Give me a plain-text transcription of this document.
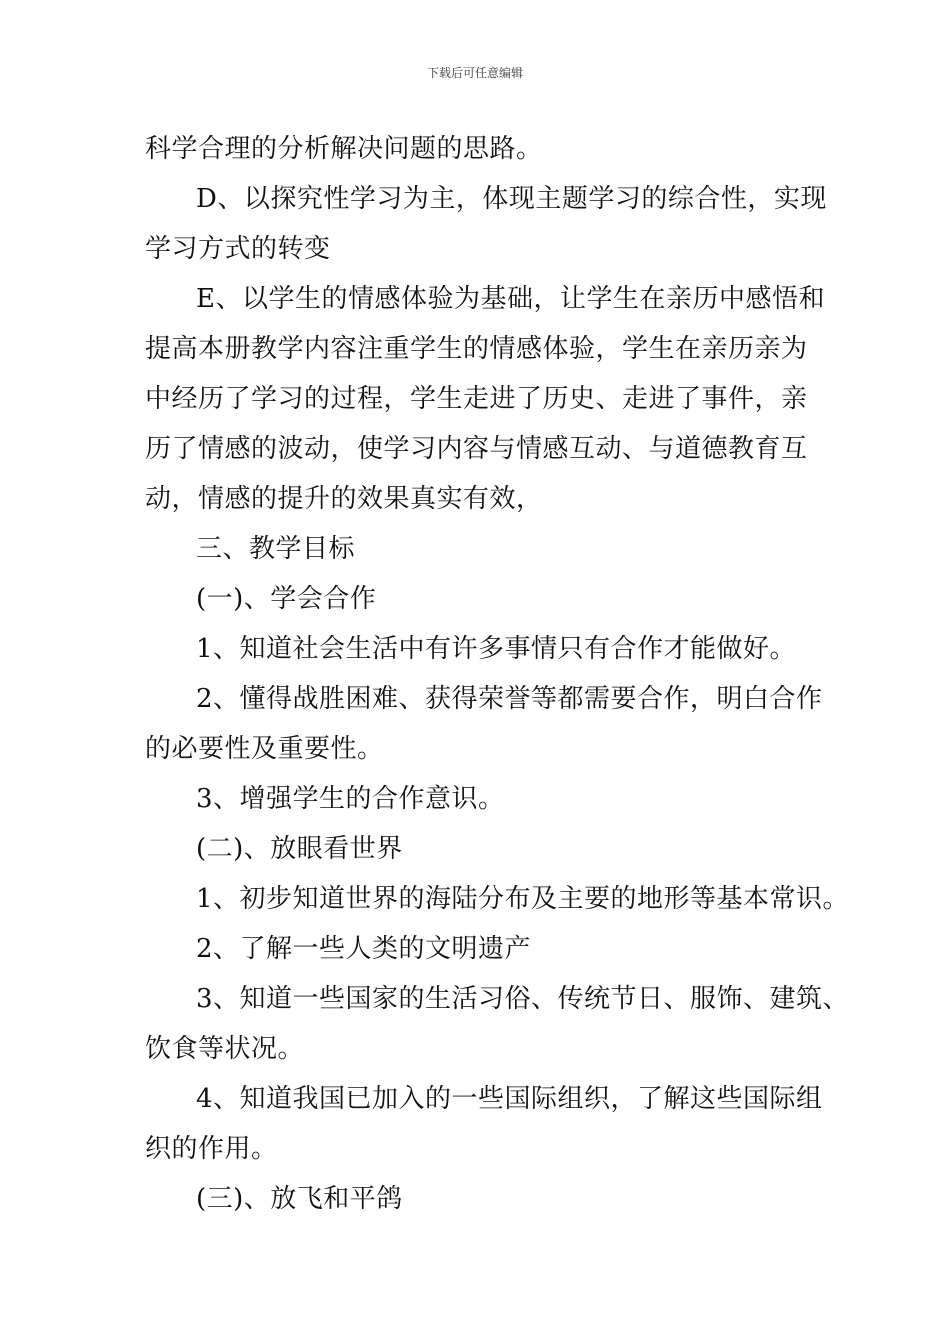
下载后可任意编辑
科学合理的分析解决问题的思路。
D、以探究性学习为主，体现主题学习的综合性，实现
学习方式的转变
E、以学生的情感体验为基础，让学生在亲历中感悟和
提高本册教学内容注重学生的情感体验，学生在亲历亲为
中经历了学习的过程，学生走进了历史、走进了事件，亲
历了情感的波动，使学习内容与情感互动、与道德教育互
动，情感的提升的效果真实有效，
三、教学目标
(一)、学会合作
1、知道社会生活中有许多事情只有合作才能做好。
2、懂得战胜困难、获得荣誉等都需要合作，明白合作
的必要性及重要性。
3、增强学生的合作意识。
(二)、放眼看世界
1、初步知道世界的海陆分布及主要的地形等基本常识。
2、了解一些人类的文明遗产
3、知道一些国家的生活习俗、传统节日、服饰、建筑、
饮食等状况。
4、知道我国已加入的一些国际组织，了解这些国际组
织的作用。
(三)、放飞和平鸽
